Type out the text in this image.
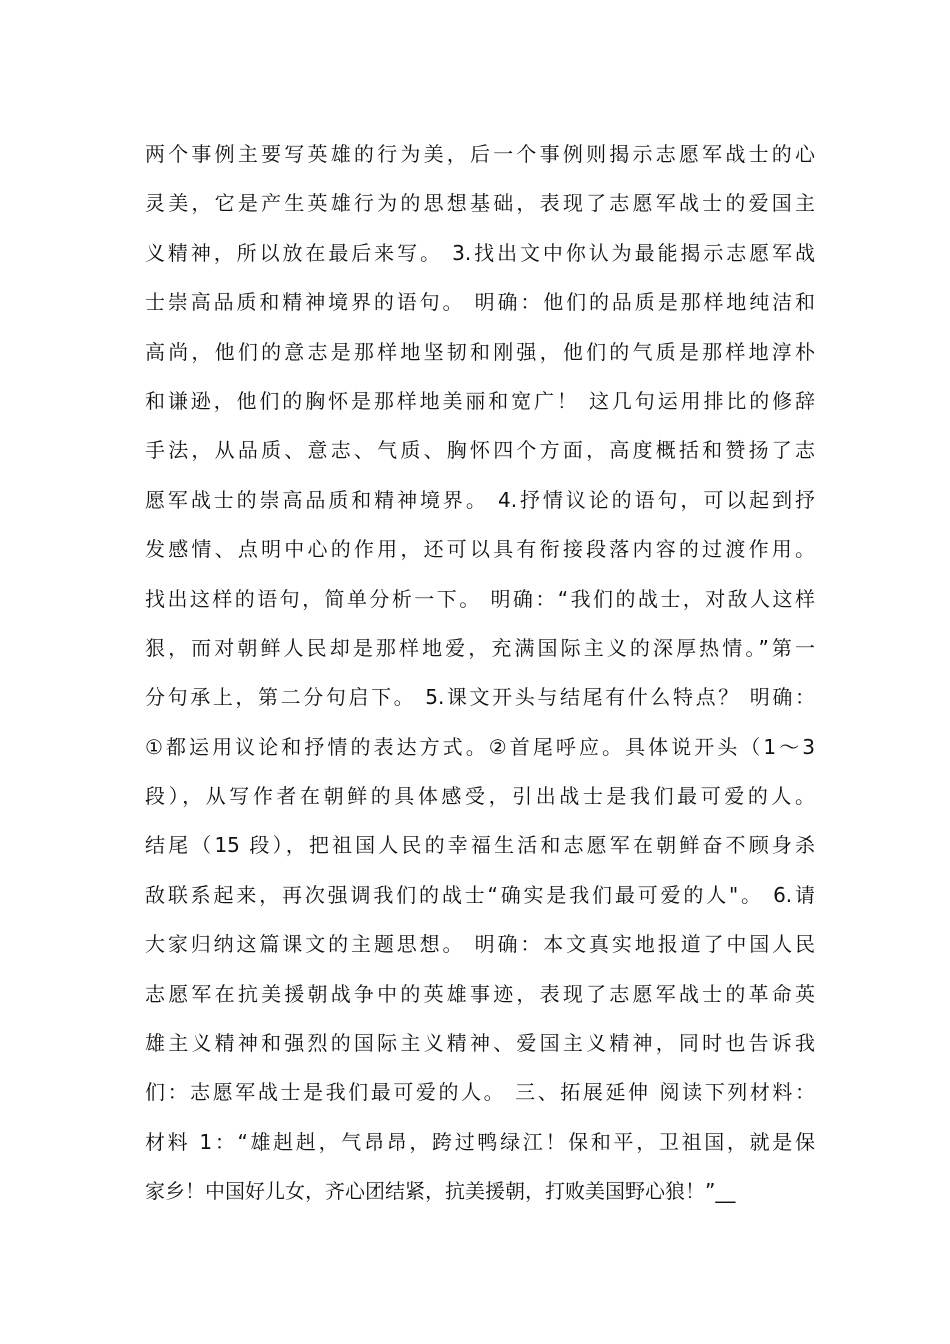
两个事例主要写英雄的行为美，后一个事例则揭示志愿军战士的心
灵美，它是产生英雄行为的思想基础，表现了志愿军战士的爱国主
义精神，所以放在最后来写。 3.找出文中你认为最能揭示志愿军战
士崇高品质和精神境界的语句。 明确：他们的品质是那样地纯洁和
高尚，他们的意志是那样地坚韧和刚强，他们的气质是那样地淳朴
和谦逊，他们的胸怀是那样地美丽和宽广！ 这几句运用排比的修辞
手法，从品质、意志、气质、胸怀四个方面，高度概括和赞扬了志
愿军战士的崇高品质和精神境界。 4.抒情议论的语句，可以起到抒
发感情、点明中心的作用，还可以具有衔接段落内容的过渡作用。
找出这样的语句，简单分析一下。 明确：“我们的战士，对敌人这样
狠，而对朝鲜人民却是那样地爱，充满国际主义的深厚热情。”第一
分句承上，第二分句启下。 5.课文开头与结尾有什么特点？ 明确：
①都运用议论和抒情的表达方式。②首尾呼应。具体说开头（1～3
段），从写作者在朝鲜的具体感受，引出战士是我们最可爱的人。
结尾（15 段），把祖国人民的幸福生活和志愿军在朝鲜奋不顾身杀
敌联系起来，再次强调我们的战士“确实是我们最可爱的人"。 6.请
大家归纳这篇课文的主题思想。 明确：本文真实地报道了中国人民
志愿军在抗美援朝战争中的英雄事迹，表现了志愿军战士的革命英
雄主义精神和强烈的国际主义精神、爱国主义精神，同时也告诉我
们：志愿军战士是我们最可爱的人。 三、拓展延伸 阅读下列材料：
材料 1：“雄赳赳，气昂昂，跨过鸭绿江！保和平，卫祖国，就是保
家乡！中国好儿女，齐心团结紧，抗美援朝，打败美国野心狼！”__
